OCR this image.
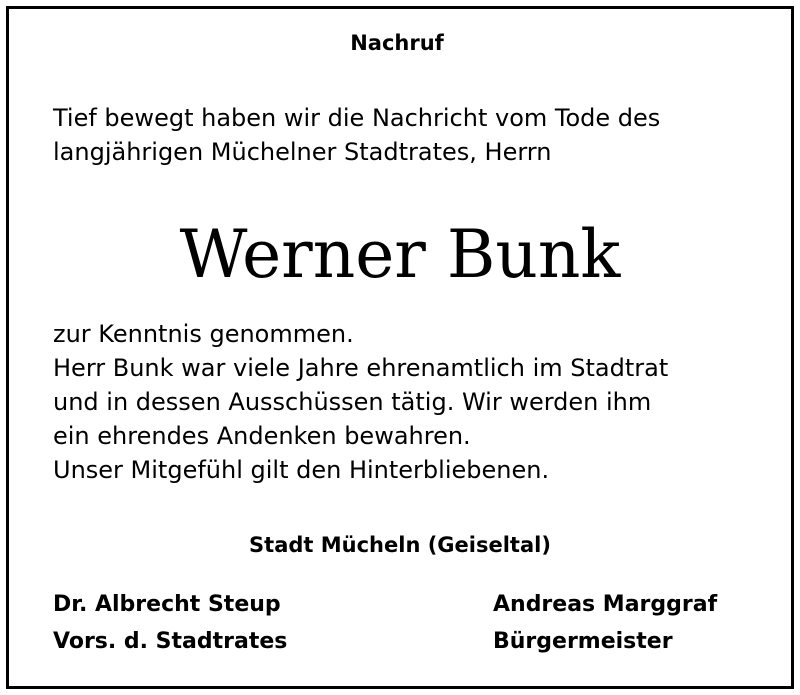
Nachruf
Tief bewegt haben wir die Nachricht vom Tode des
langjährigen Müchelner Stadtrates, Herrn
Werner Bunk
zur Kenntnis genommen.
Herr Bunk war viele Jahre ehrenamtlich im Stadtrat
und in dessen Ausschüssen tätig. Wir werden ihm
ein ehrendes Andenken bewahren.
Unser Mitgefühl gilt den Hinterbliebenen.
Stadt Mücheln (Geiseltal)
Dr. Albrecht Steup
Vors. d. Stadtrates
Andreas Marggraf
Bürgermeister
